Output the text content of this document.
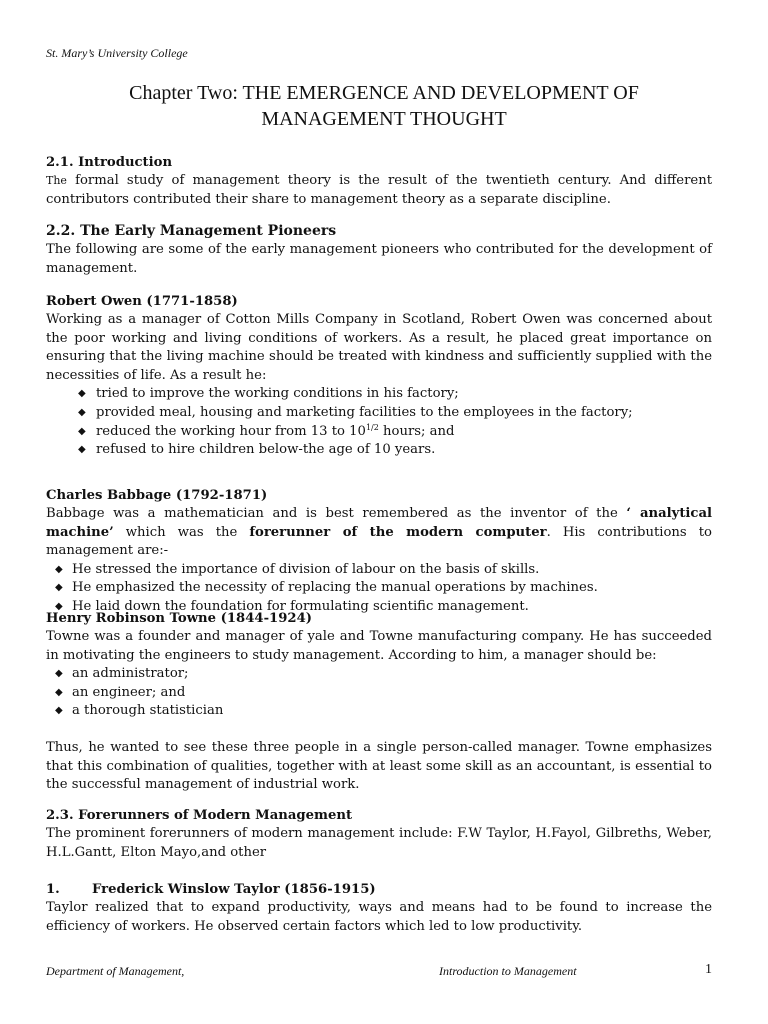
St. Mary’s University College
Chapter Two: THE EMERGENCE AND DEVELOPMENT OF
MANAGEMENT THOUGHT
2.1. Introduction

The formal study of management theory is the result of the twentieth century. And different contributors contributed their share to management theory as a separate discipline.

2.2. The Early Management Pioneers

The following are some of the early management pioneers who contributed for the development of management.

Robert Owen (1771-1858)

Working as a manager of Cotton Mills Company in Scotland, Robert Owen was concerned about the poor working and living conditions of workers. As a result, he placed great importance on ensuring that the living machine should be treated with kindness and sufficiently supplied with the necessities of life. As a result he:

◆ tried to improve the working conditions in his factory;
◆ provided meal, housing and marketing facilities to the employees in the factory;
◆ reduced the working hour from 13 to $10^{1/2}$ hours; and
◆ refused to hire children below-the age of 10 years.
Charles Babbage (1792-1871)

Babbage was a mathematician and is best remembered as the inventor of the ‘ analytical machine’ which was the forerunner of the modern computer. His contributions to management are:-

◆ He stressed the importance of division of labour on the basis of skills.
◆ He emphasized the necessity of replacing the manual operations by machines.
◆ He laid down the foundation for formulating scientific management.
Henry Robinson Towne (1844-1924)

Towne was a founder and manager of yale and Towne manufacturing company. He has succeeded in motivating the engineers to study management. According to him, a manager should be:

◆ an administrator;
◆ an engineer; and
◆ a thorough statistician

Thus, he wanted to see these three people in a single person-called manager. Towne emphasizes that this combination of qualities, together with at least some skill as an accountant, is essential to the successful management of industrial work.

2.3. Forerunners of Modern Management

The prominent forerunners of modern management include: F.W Taylor, H.Fayol, Gilbreths, Weber, H.L.Gantt, Elton Mayo,and other

1.	Frederick Winslow Taylor (1856-1915)

Taylor realized that to expand productivity, ways and means had to be found to increase the efficiency of workers. He observed certain factors which led to low productivity.

Department of Management,	Introduction to Management	1
